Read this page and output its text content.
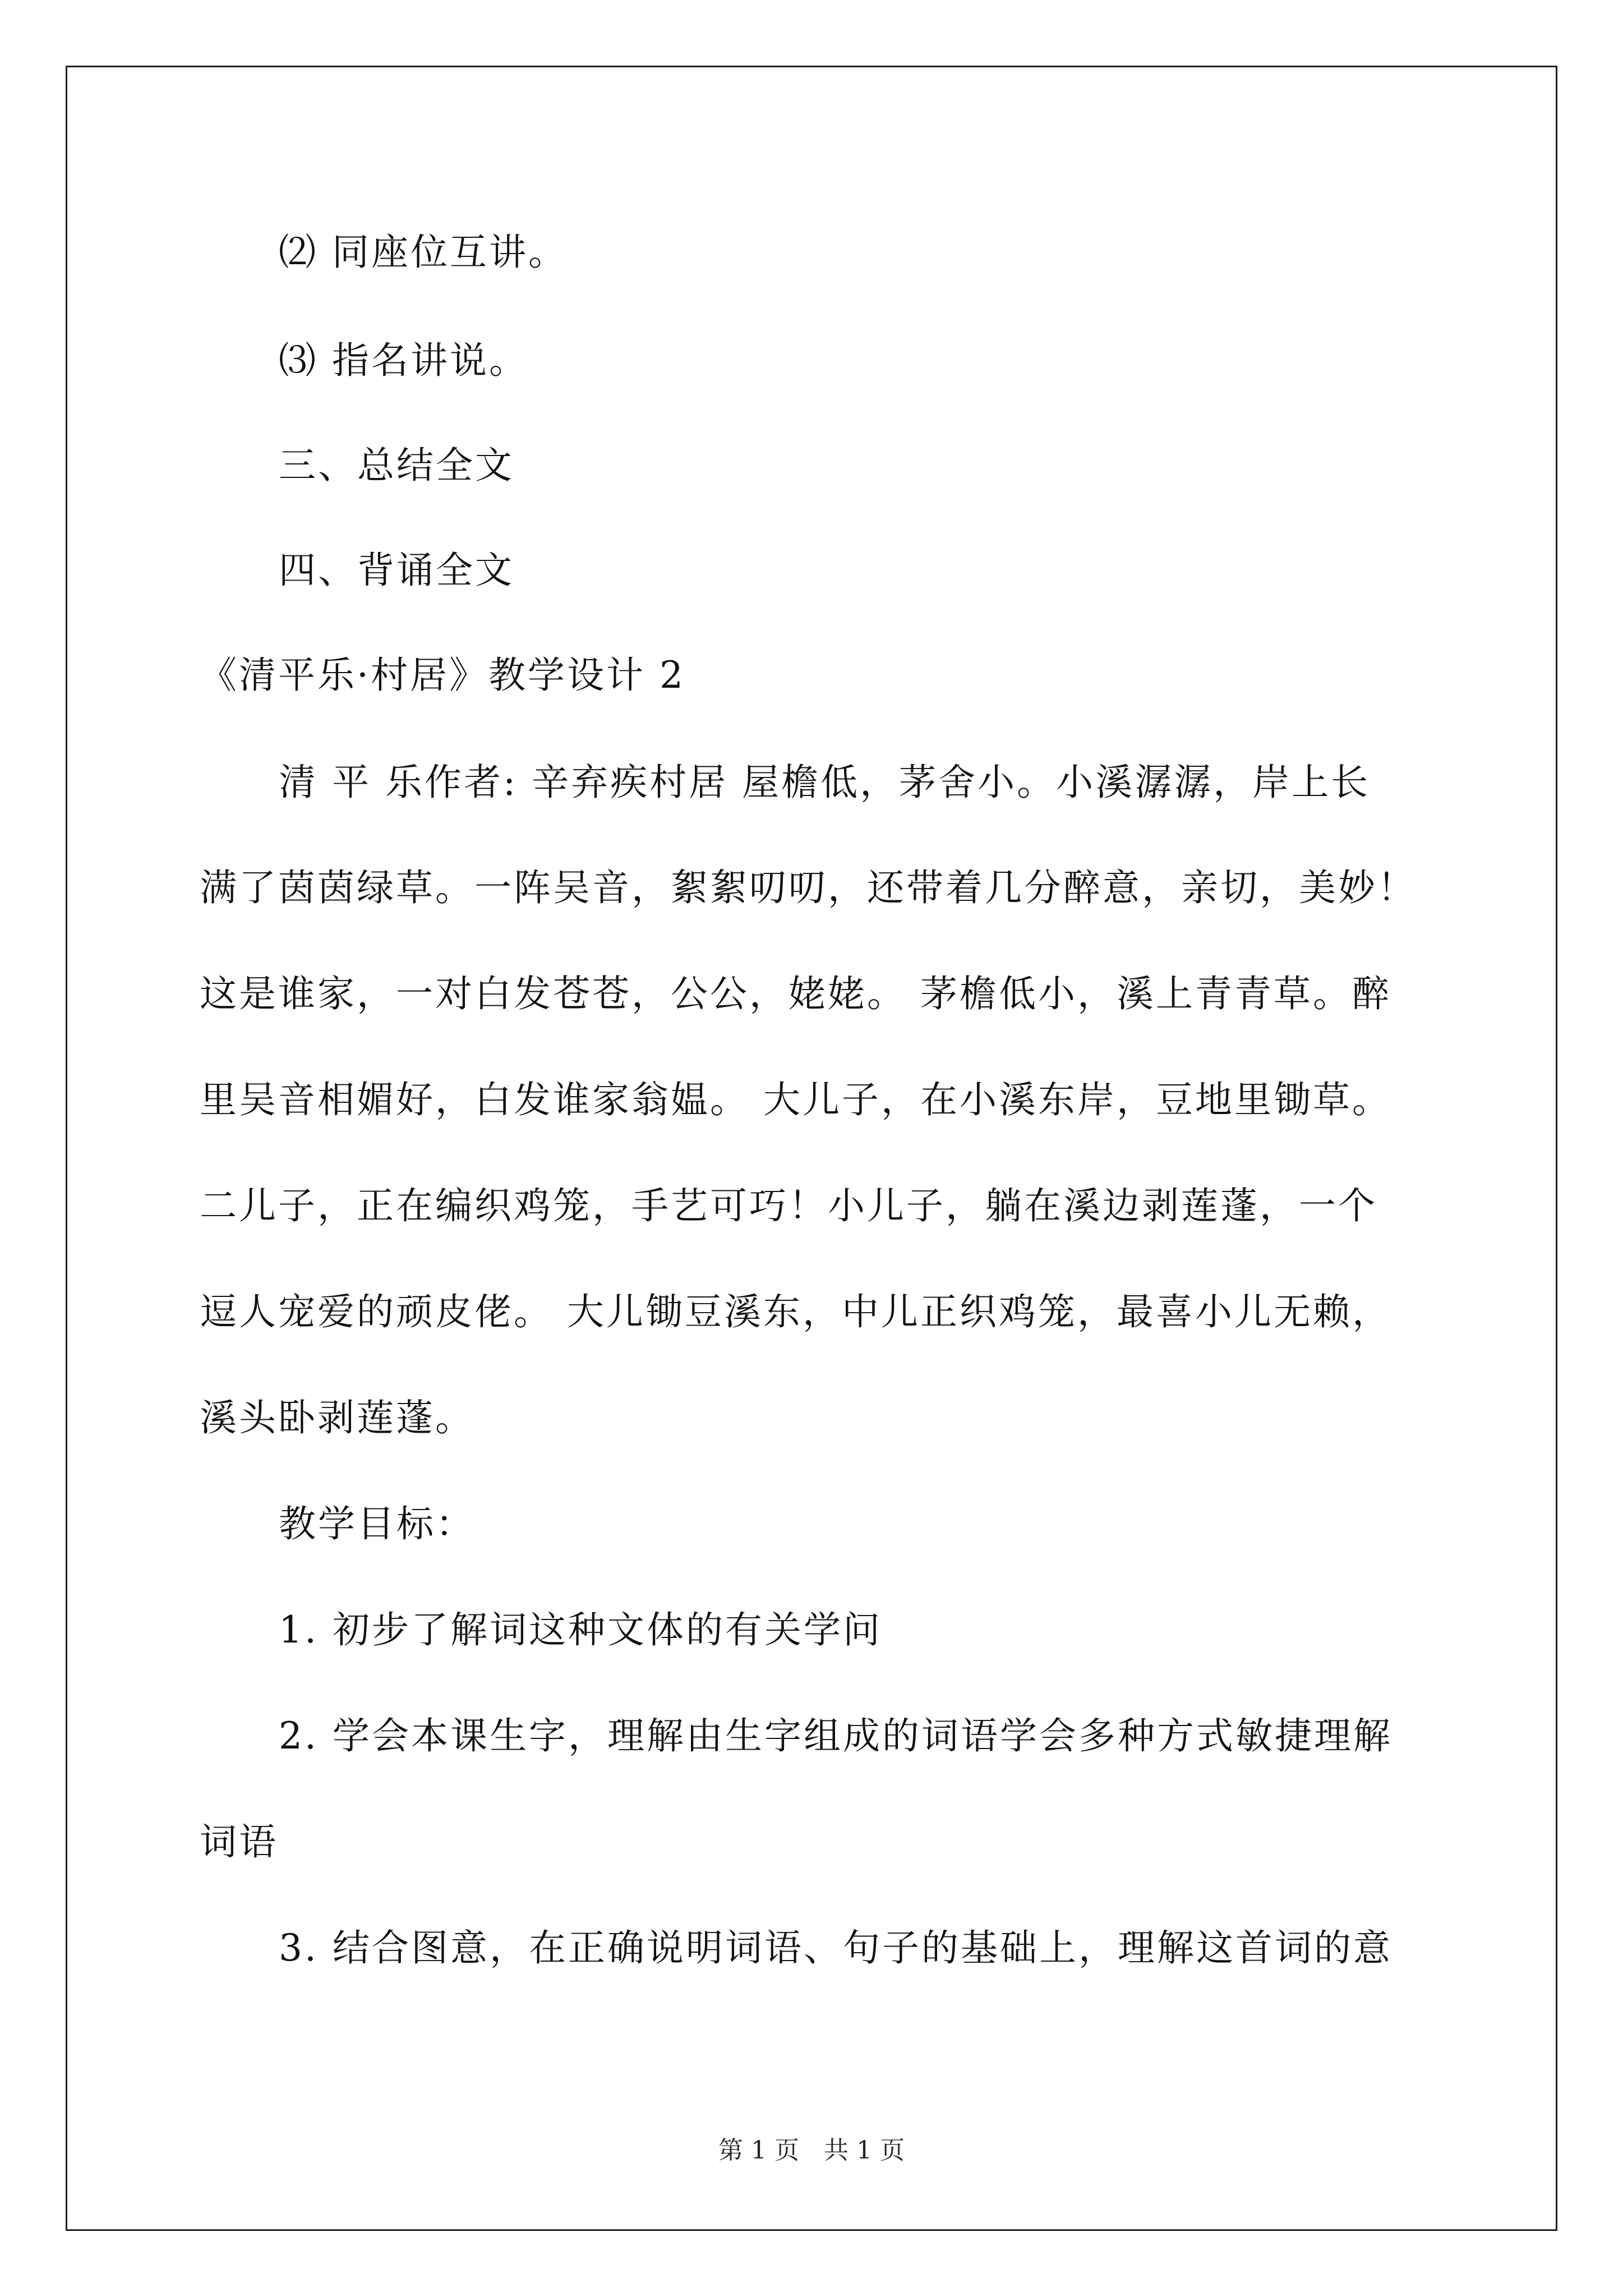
⑵ 同座位互讲。
⑶ 指名讲说。
三、总结全文
四、背诵全文
《清平乐·村居》教学设计 2
清 平 乐作者: 辛弃疾村居 屋檐低，茅舍小。小溪潺潺，岸上长
满了茵茵绿草。一阵吴音，絮絮叨叨，还带着几分醉意，亲切，美妙！
这是谁家，一对白发苍苍，公公，姥姥。 茅檐低小，溪上青青草。醉
里吴音相媚好，白发谁家翁媪。 大儿子，在小溪东岸，豆地里锄草。
二儿子，正在编织鸡笼，手艺可巧！小儿子，躺在溪边剥莲蓬，一个
逗人宠爱的顽皮佬。 大儿锄豆溪东，中儿正织鸡笼，最喜小儿无赖，
溪头卧剥莲蓬。
教学目标：
1. 初步了解词这种文体的有关学问
2. 学会本课生字，理解由生字组成的词语学会多种方式敏捷理解
词语
3. 结合图意，在正确说明词语、句子的基础上，理解这首词的意
第 1 页　共 1 页
